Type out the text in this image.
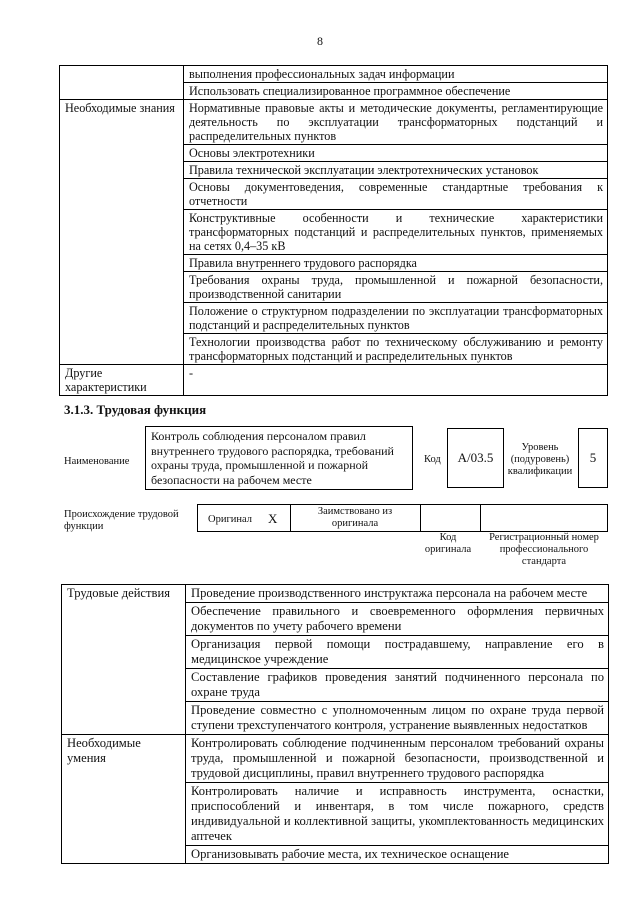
8
	выполнения профессиональных задач информации
	Использовать специализированное программное обеспечение
Необходимые знания	Нормативные правовые акты и методические документы, регламентирующие деятельность по эксплуатации трансформаторных подстанций и распределительных пунктов
	Основы электротехники
	Правила технической эксплуатации электротехнических установок
	Основы документоведения, современные стандартные требования к отчетности
	Конструктивные особенности и технические характеристики трансформаторных подстанций и распределительных пунктов, применяемых на сетях 0,4–35 кВ
	Правила внутреннего трудового распорядка
	Требования охраны труда, промышленной и пожарной безопасности, производственной санитарии
	Положение о структурном подразделении по эксплуатации трансформаторных подстанций и распределительных пунктов
	Технологии производства работ по техническому обслуживанию и ремонту трансформаторных подстанций и распределительных пунктов
Другие характеристики	-
3.1.3. Трудовая функция
Наименование
Контроль соблюдения персоналом правил внутреннего трудового распорядка, требований охраны труда, промышленной и пожарной безопасности на рабочем месте
Код	A/03.5
Уровень (подуровень) квалификации
5
Происхождение трудовой функции
Оригинал X	Заимствовано из оригинала
Код оригинала
Регистрационный номер профессионального стандарта
Трудовые действия	Проведение производственного инструктажа персонала на рабочем месте
	Обеспечение правильного и своевременного оформления первичных документов по учету рабочего времени
	Организация первой помощи пострадавшему, направление его в медицинское учреждение
	Составление графиков проведения занятий подчиненного персонала по охране труда
	Проведение совместно с уполномоченным лицом по охране труда первой ступени трехступенчатого контроля, устранение выявленных недостатков
Необходимые умения	Контролировать соблюдение подчиненным персоналом требований охраны труда, промышленной и пожарной безопасности, производственной и трудовой дисциплины, правил внутреннего трудового распорядка
	Контролировать наличие и исправность инструмента, оснастки, приспособлений и инвентаря, в том числе пожарного, средств индивидуальной и коллективной защиты, укомплектованность медицинских аптечек
	Организовывать рабочие места, их техническое оснащение
